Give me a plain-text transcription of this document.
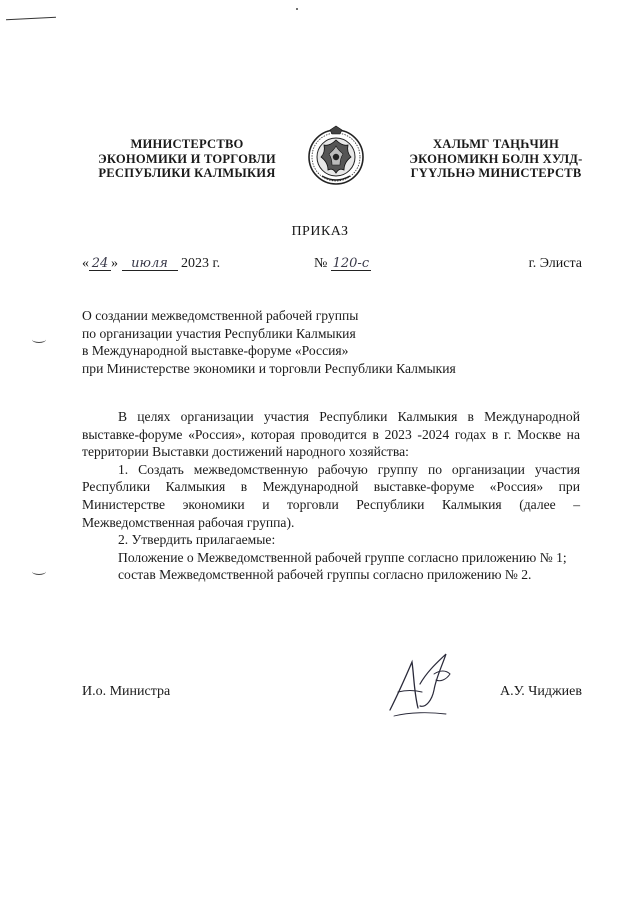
МИНИСТЕРСТВО
ЭКОНОМИКИ И ТОРГОВЛИ
РЕСПУБЛИКИ КАЛМЫКИЯ
ХАЛЬМГ ТАҢҺЧИН
ЭКОНОМИКН БОЛН ХУЛД-
ГҮҮЛЬНӘ МИНИСТЕРСТВ
ПРИКАЗ
« 24 » июля 2023 г.	№ 120-с	г. Элиста
О создании межведомственной рабочей группы
по организации участия Республики Калмыкия
в Международной выставке-форуме «Россия»
при Министерстве экономики и торговли Республики Калмыкия

В целях организации участия Республики Калмыкия в Международной выставке-форуме «Россия», которая проводится в 2023 -2024 годах в г. Москве на территории Выставки достижений народного хозяйства:

1. Создать межведомственную рабочую группу по организации участия Республики Калмыкия в Международной выставке-форуме «Россия» при Министерстве экономики и торговли Республики Калмыкия (далее – Межведомственная рабочая группа).

2. Утвердить прилагаемые:

Положение о Межведомственной рабочей группе согласно приложению № 1;

состав Межведомственной рабочей группы согласно приложению № 2.

И.о. Министра	А.У. Чиджиев
